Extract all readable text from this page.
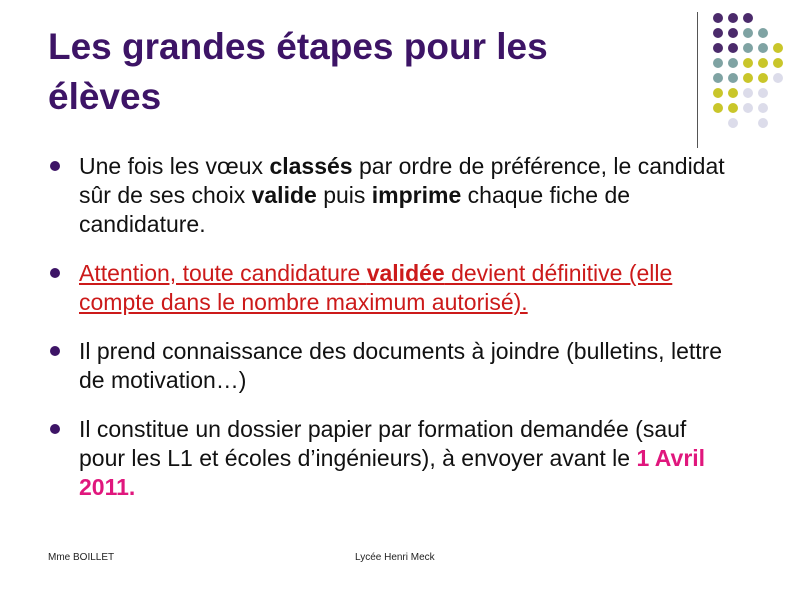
Les grandes étapes pour les
élèves
Une fois les vœux classés par ordre de préférence, le candidat sûr de ses choix valide puis imprime chaque fiche de candidature.
Attention, toute candidature validée devient définitive (elle compte dans le nombre maximum autorisé).
Il prend connaissance des documents à joindre (bulletins, lettre de motivation…)
Il constitue un dossier papier par formation demandée (sauf pour les L1 et écoles d’ingénieurs), à envoyer avant le 1 Avril 2011.
Mme BOILLET	Lycée Henri Meck
